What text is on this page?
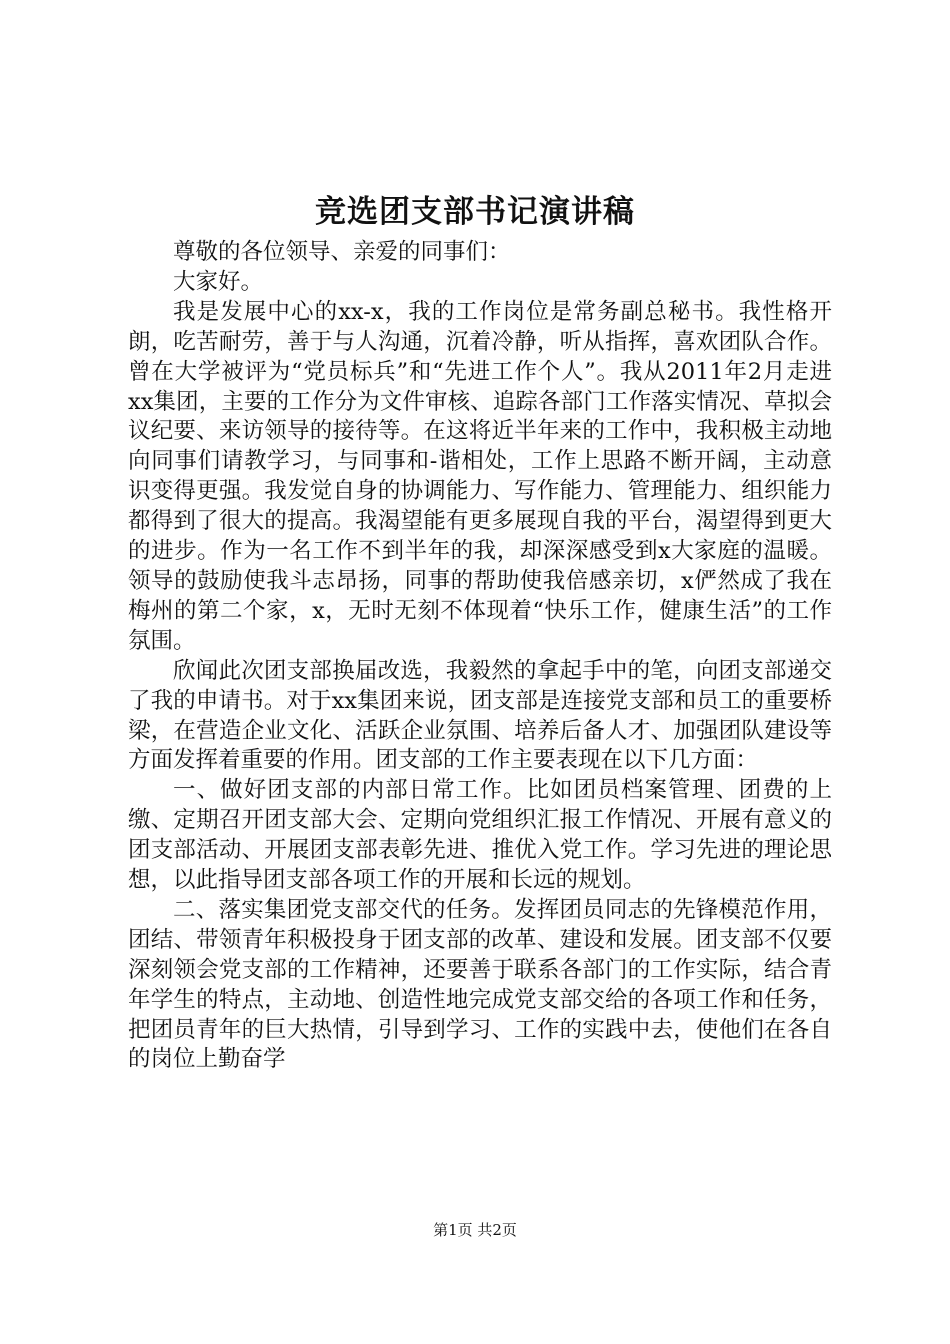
竞选团支部书记演讲稿

尊敬的各位领导、亲爱的同事们：

大家好。

我是发展中心的xx-x，我的工作岗位是常务副总秘书。我性格开朗，吃苦耐劳，善于与人沟通，沉着冷静，听从指挥，喜欢团队合作。曾在大学被评为“党员标兵”和“先进工作个人”。我从2011年2月走进xx集团，主要的工作分为文件审核、追踪各部门工作落实情况、草拟会议纪要、来访领导的接待等。在这将近半年来的工作中，我积极主动地向同事们请教学习，与同事和-谐相处，工作上思路不断开阔，主动意识变得更强。我发觉自身的协调能力、写作能力、管理能力、组织能力都得到了很大的提高。我渴望能有更多展现自我的平台，渴望得到更大的进步。作为一名工作不到半年的我，却深深感受到x大家庭的温暖。领导的鼓励使我斗志昂扬，同事的帮助使我倍感亲切，x俨然成了我在梅州的第二个家，x，无时无刻不体现着“快乐工作，健康生活”的工作氛围。

欣闻此次团支部换届改选，我毅然的拿起手中的笔，向团支部递交了我的申请书。对于xx集团来说，团支部是连接党支部和员工的重要桥梁，在营造企业文化、活跃企业氛围、培养后备人才、加强团队建设等方面发挥着重要的作用。团支部的工作主要表现在以下几方面：

一、做好团支部的内部日常工作。比如团员档案管理、团费的上缴、定期召开团支部大会、定期向党组织汇报工作情况、开展有意义的团支部活动、开展团支部表彰先进、推优入党工作。学习先进的理论思想，以此指导团支部各项工作的开展和长远的规划。

二、落实集团党支部交代的任务。发挥团员同志的先锋模范作用，团结、带领青年积极投身于团支部的改革、建设和发展。团支部不仅要深刻领会党支部的工作精神，还要善于联系各部门的工作实际，结合青年学生的特点，主动地、创造性地完成党支部交给的各项工作和任务，把团员青年的巨大热情，引导到学习、工作的实践中去，使他们在各自的岗位上勤奋学

第1页 共2页
